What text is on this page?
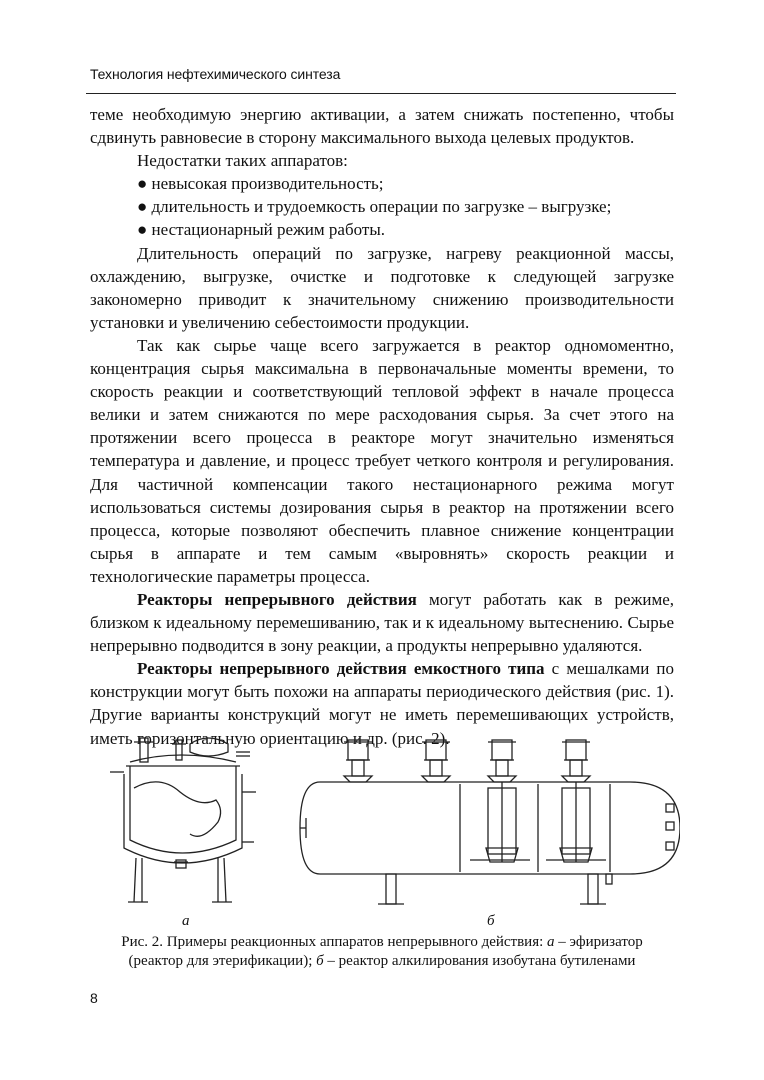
Технология нефтехимического синтеза

теме необходимую энергию активации, а затем снижать постепенно, чтобы сдвинуть равновесие в сторону максимального выхода целевых продуктов.

Недостатки таких аппаратов:

● невысокая производительность;

● длительность и трудоемкость операции по загрузке – выгрузке;

● нестационарный режим работы.

Длительность операций по загрузке, нагреву реакционной массы, охлаждению, выгрузке, очистке и подготовке к следующей загрузке закономерно приводит к значительному снижению производительности установки и увеличению себестоимости продукции.

Так как сырье чаще всего загружается в реактор одномоментно, концентрация сырья максимальна в первоначальные моменты времени, то скорость реакции и соответствующий тепловой эффект в начале процесса велики и затем снижаются по мере расходования сырья. За счет этого на протяжении всего процесса в реакторе могут значительно изменяться температура и давление, и процесс требует четкого контроля и регулирования. Для частичной компенсации такого нестационарного режима могут использоваться системы дозирования сырья в реактор на протяжении всего процесса, которые позволяют обеспечить плавное снижение концентрации сырья в аппарате и тем самым «выровнять» скорость реакции и технологические параметры процесса.

Реакторы непрерывного действия могут работать как в режиме, близком к идеальному перемешиванию, так и к идеальному вытеснению. Сырье непрерывно подводится в зону реакции, а продукты непрерывно удаляются.

Реакторы непрерывного действия емкостного типа с мешалками по конструкции могут быть похожи на аппараты периодического действия (рис. 1). Другие варианты конструкций могут не иметь перемешивающих устройств, иметь горизонтальную ориентацию и др. (рис. 2).

а	б
Рис. 2. Примеры реакционных аппаратов непрерывного действия: а – эфиризатор
(реактор для этерификации); б – реактор алкилирования изобутана бутиленами
8
